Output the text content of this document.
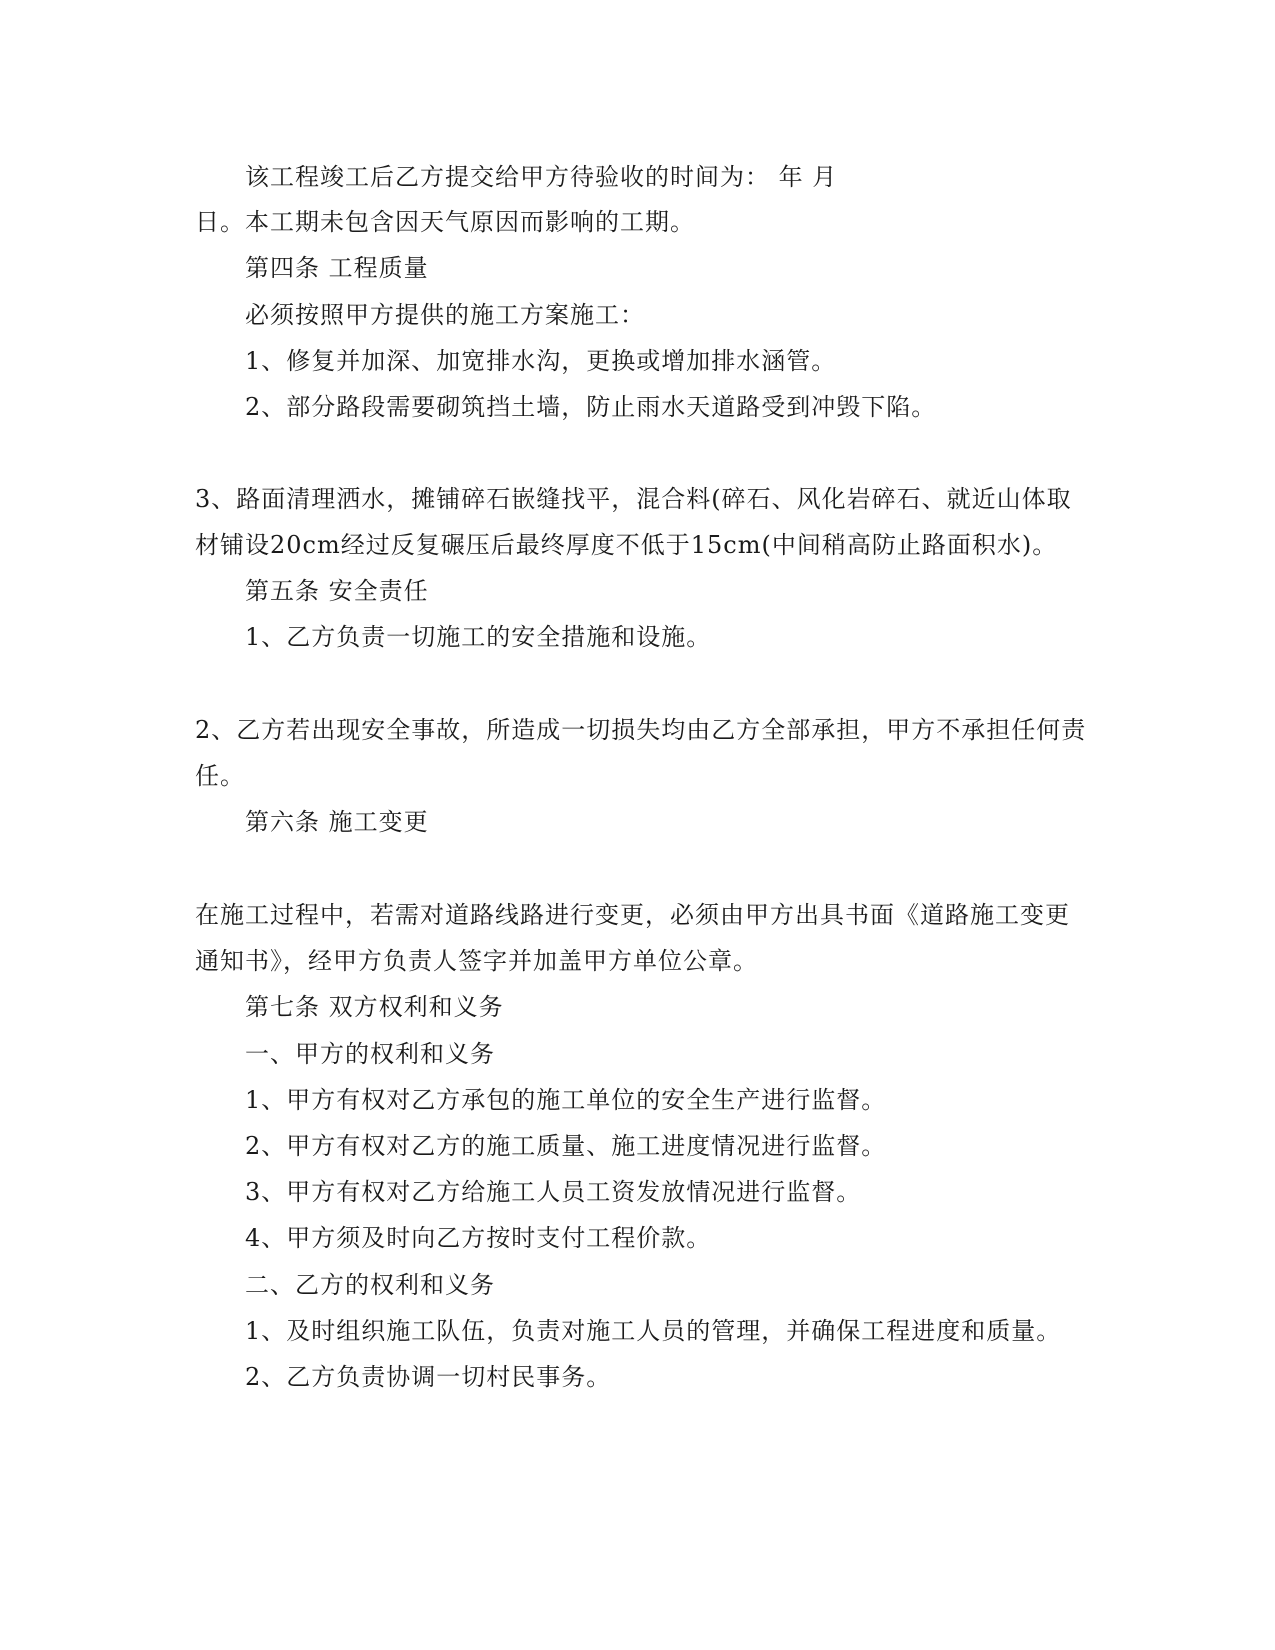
该工程竣工后乙方提交给甲方待验收的时间为： 年 月
日。本工期未包含因天气原因而影响的工期。
第四条 工程质量
必须按照甲方提供的施工方案施工：
1、修复并加深、加宽排水沟，更换或增加排水涵管。
2、部分路段需要砌筑挡土墙，防止雨水天道路受到冲毁下陷。
3、路面清理洒水，摊铺碎石嵌缝找平，混合料(碎石、风化岩碎石、就近山体取
材铺设20cm经过反复碾压后最终厚度不低于15cm(中间稍高防止路面积水)。
第五条 安全责任
1、乙方负责一切施工的安全措施和设施。
2、乙方若出现安全事故，所造成一切损失均由乙方全部承担，甲方不承担任何责
任。
第六条 施工变更
在施工过程中，若需对道路线路进行变更，必须由甲方出具书面《道路施工变更
通知书》，经甲方负责人签字并加盖甲方单位公章。
第七条 双方权利和义务
一、甲方的权利和义务
1、甲方有权对乙方承包的施工单位的安全生产进行监督。
2、甲方有权对乙方的施工质量、施工进度情况进行监督。
3、甲方有权对乙方给施工人员工资发放情况进行监督。
4、甲方须及时向乙方按时支付工程价款。
二、乙方的权利和义务
1、及时组织施工队伍，负责对施工人员的管理，并确保工程进度和质量。
2、乙方负责协调一切村民事务。
